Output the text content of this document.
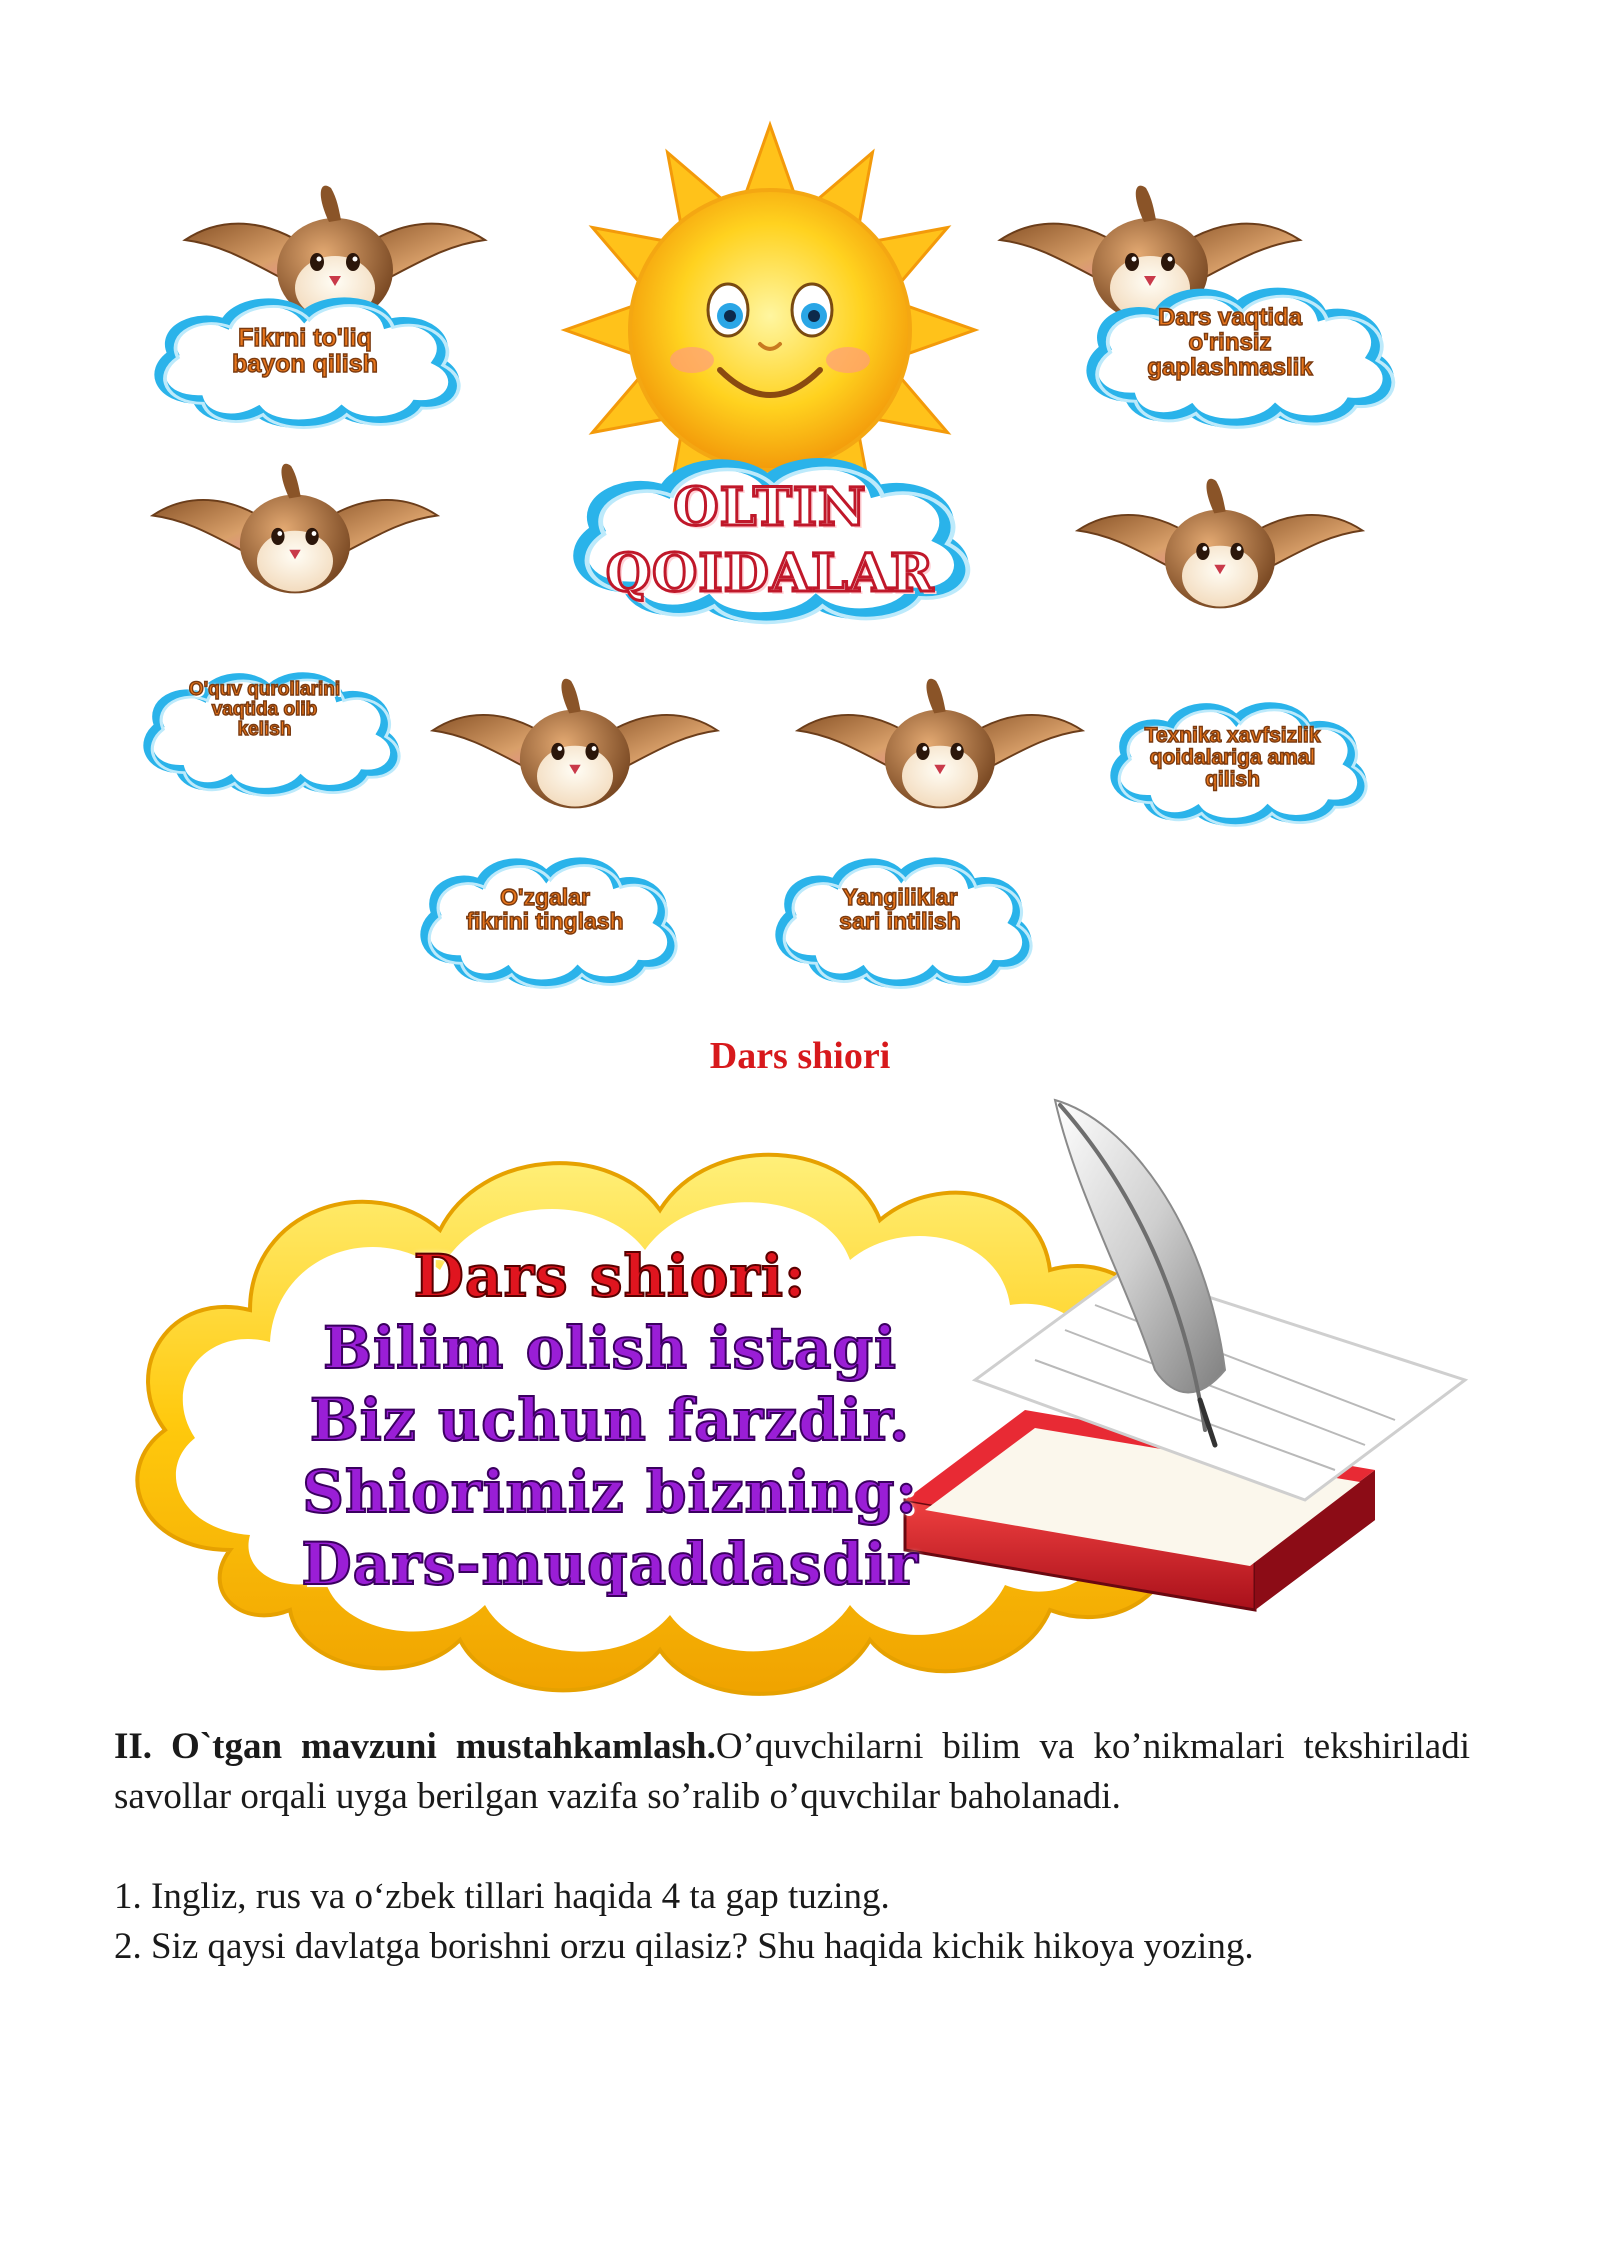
OLTIN
QOIDALAR
Fikrni to'liq
bayon qilish
Dars vaqtida
o'rinsiz
gaplashmaslik
O'quv qurollarini
vaqtida olib
kelish	Texnika xavfsizlik
qoidalariga amal
qilish
O'zgalar
fikrini tinglash
Yangiliklar
sari intilish
Dars shiori
Dars shiori:
Bilim olish istagi
Biz uchun farzdir.
Shiorimiz bizning:
Dars-muqaddasdir

II. O`tgan mavzuni mustahkamlash.O’quvchilarni bilim va ko’nikmalari tekshiriladi savollar orqali uyga berilgan vazifa so’ralib o’quvchilar baholanadi.

1. Ingliz, rus va o‘zbek tillari haqida 4 ta gap tuzing.
2. Siz qaysi davlatga borishni orzu qilasiz? Shu haqida kichik hikoya yozing.
